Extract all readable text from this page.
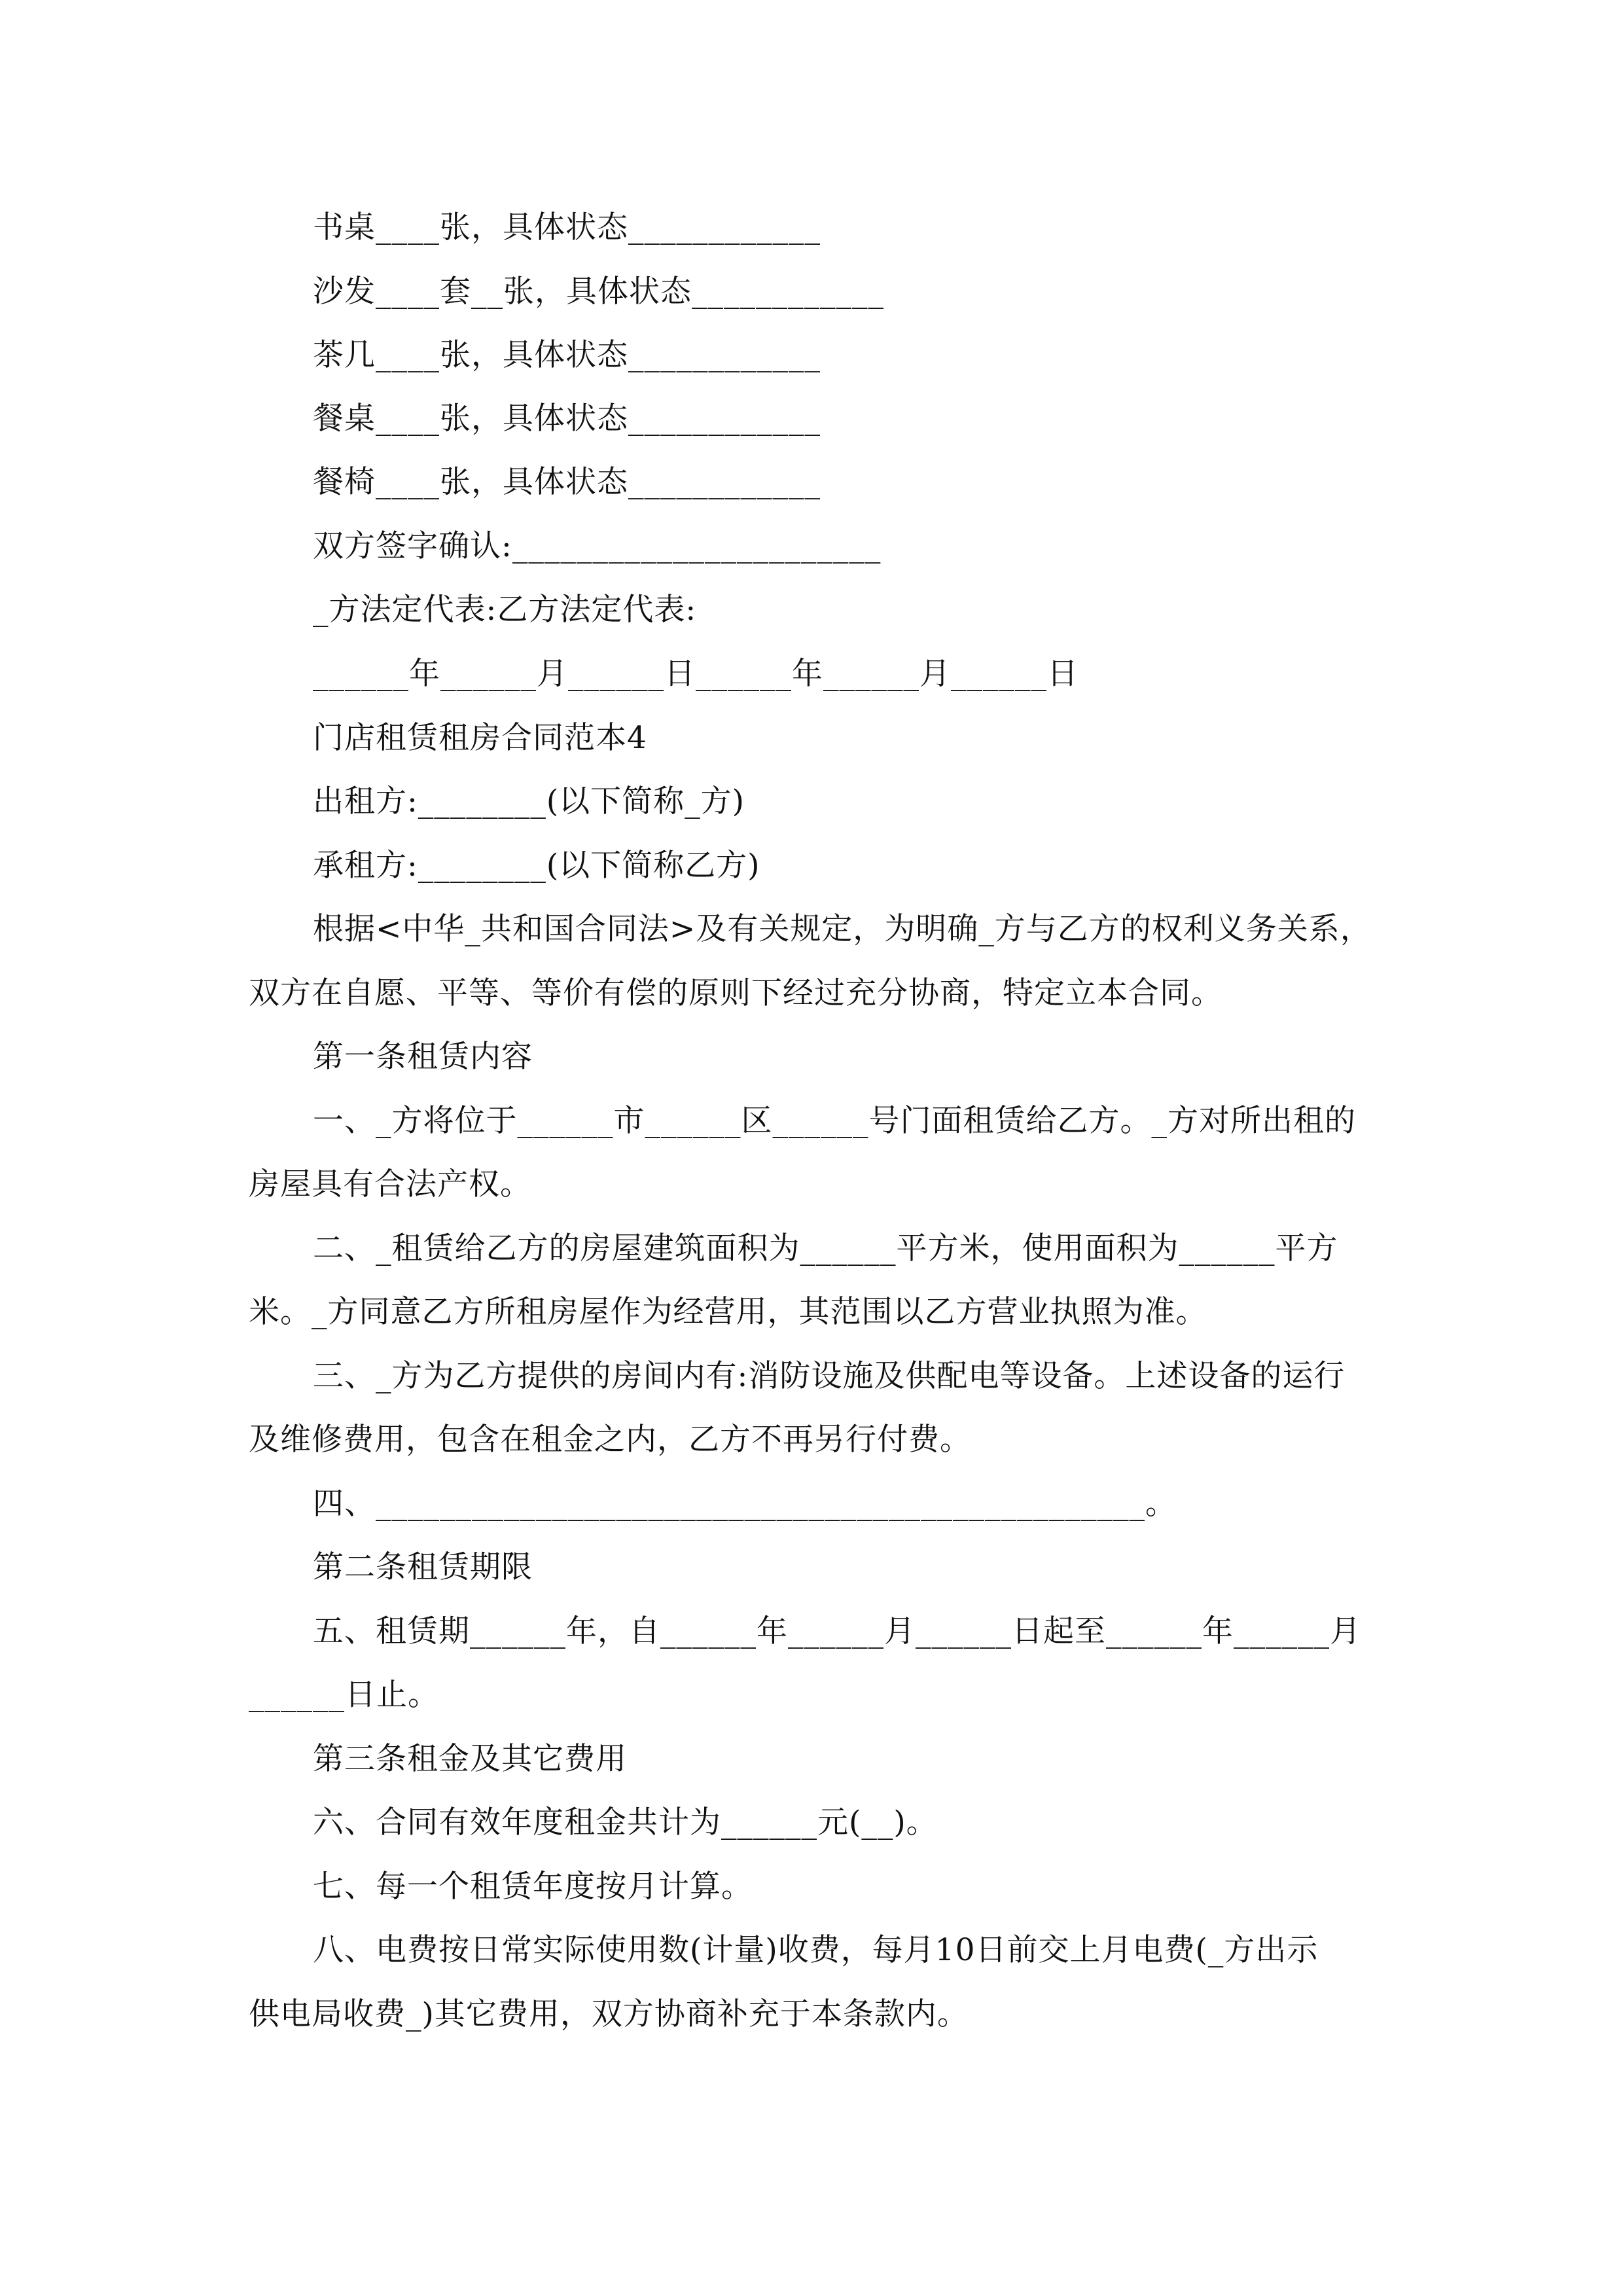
书桌____张，具体状态____________
沙发____套__张，具体状态____________
茶几____张，具体状态____________
餐桌____张，具体状态____________
餐椅____张，具体状态____________
双方签字确认:_______________________
_方法定代表:乙方法定代表:
______年______月______日______年______月______日
门店租赁租房合同范本4
出租方:________(以下简称_方)
承租方:________(以下简称乙方)
根据<中华_共和国合同法>及有关规定，为明确_方与乙方的权利义务关系，
双方在自愿、平等、等价有偿的原则下经过充分协商，特定立本合同。
第一条租赁内容
一、_方将位于______市______区______号门面租赁给乙方。_方对所出租的
房屋具有合法产权。
二、_租赁给乙方的房屋建筑面积为______平方米，使用面积为______平方
米。_方同意乙方所租房屋作为经营用，其范围以乙方营业执照为准。
三、_方为乙方提供的房间内有:消防设施及供配电等设备。上述设备的运行
及维修费用，包含在租金之内，乙方不再另行付费。
四、________________________________________________。
第二条租赁期限
五、租赁期______年，自______年______月______日起至______年______月
______日止。
第三条租金及其它费用
六、合同有效年度租金共计为______元(__)。
七、每一个租赁年度按月计算。
八、电费按日常实际使用数(计量)收费，每月10日前交上月电费(_方出示
供电局收费_)其它费用，双方协商补充于本条款内。
